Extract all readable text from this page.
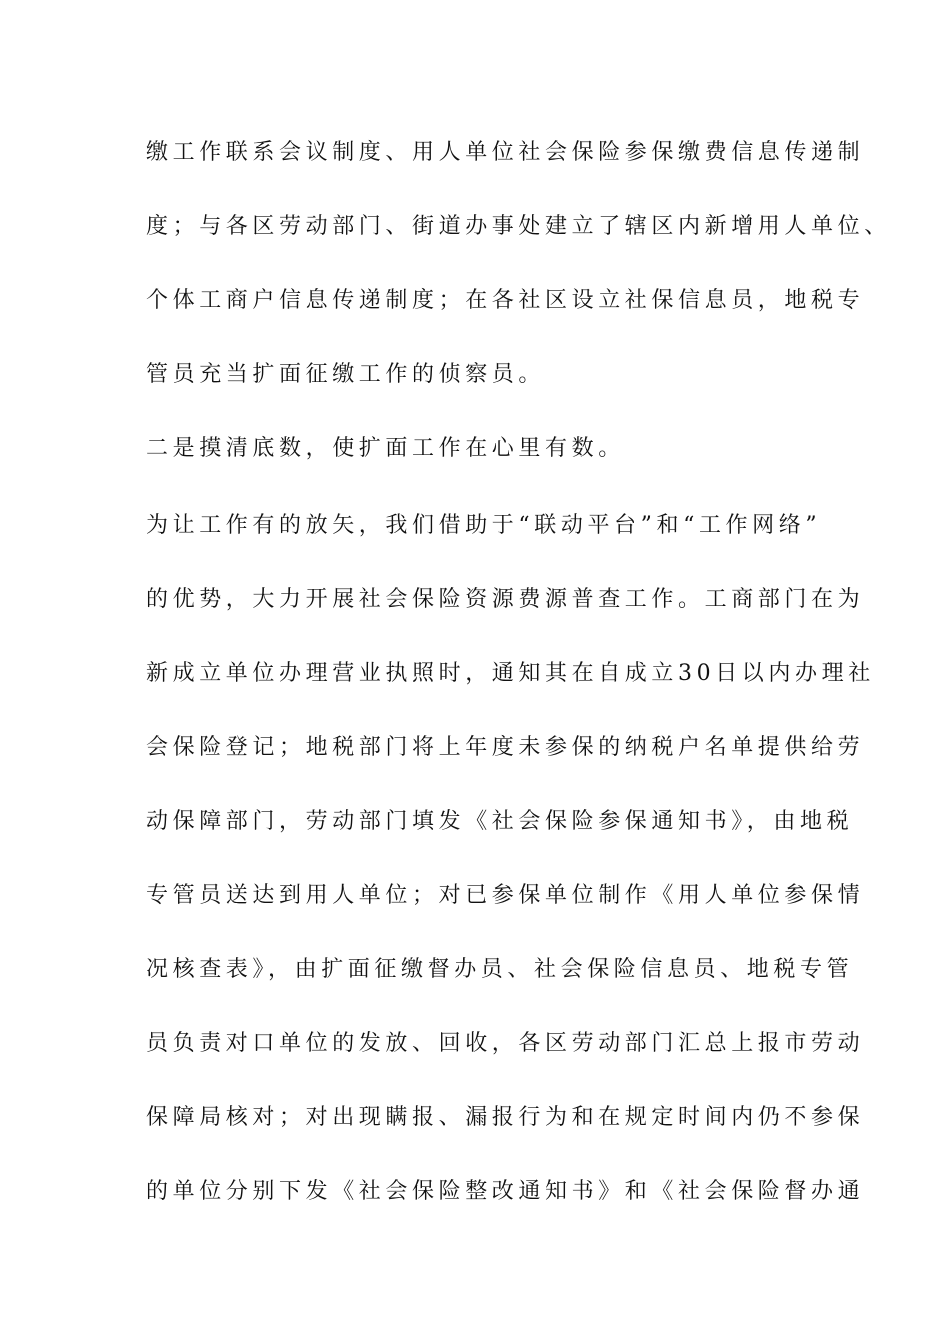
缴工作联系会议制度、用人单位社会保险参保缴费信息传递制
度；与各区劳动部门、街道办事处建立了辖区内新增用人单位、
个体工商户信息传递制度；在各社区设立社保信息员，地税专
管员充当扩面征缴工作的侦察员。
二是摸清底数，使扩面工作在心里有数。
为让工作有的放矢，我们借助于“联动平台”和“工作网络”
的优势，大力开展社会保险资源费源普查工作。工商部门在为
新成立单位办理营业执照时，通知其在自成立30日以内办理社
会保险登记；地税部门将上年度未参保的纳税户名单提供给劳
动保障部门，劳动部门填发《社会保险参保通知书》，由地税
专管员送达到用人单位；对已参保单位制作《用人单位参保情
况核查表》，由扩面征缴督办员、社会保险信息员、地税专管
员负责对口单位的发放、回收，各区劳动部门汇总上报市劳动
保障局核对；对出现瞒报、漏报行为和在规定时间内仍不参保
的单位分别下发《社会保险整改通知书》和《社会保险督办通
